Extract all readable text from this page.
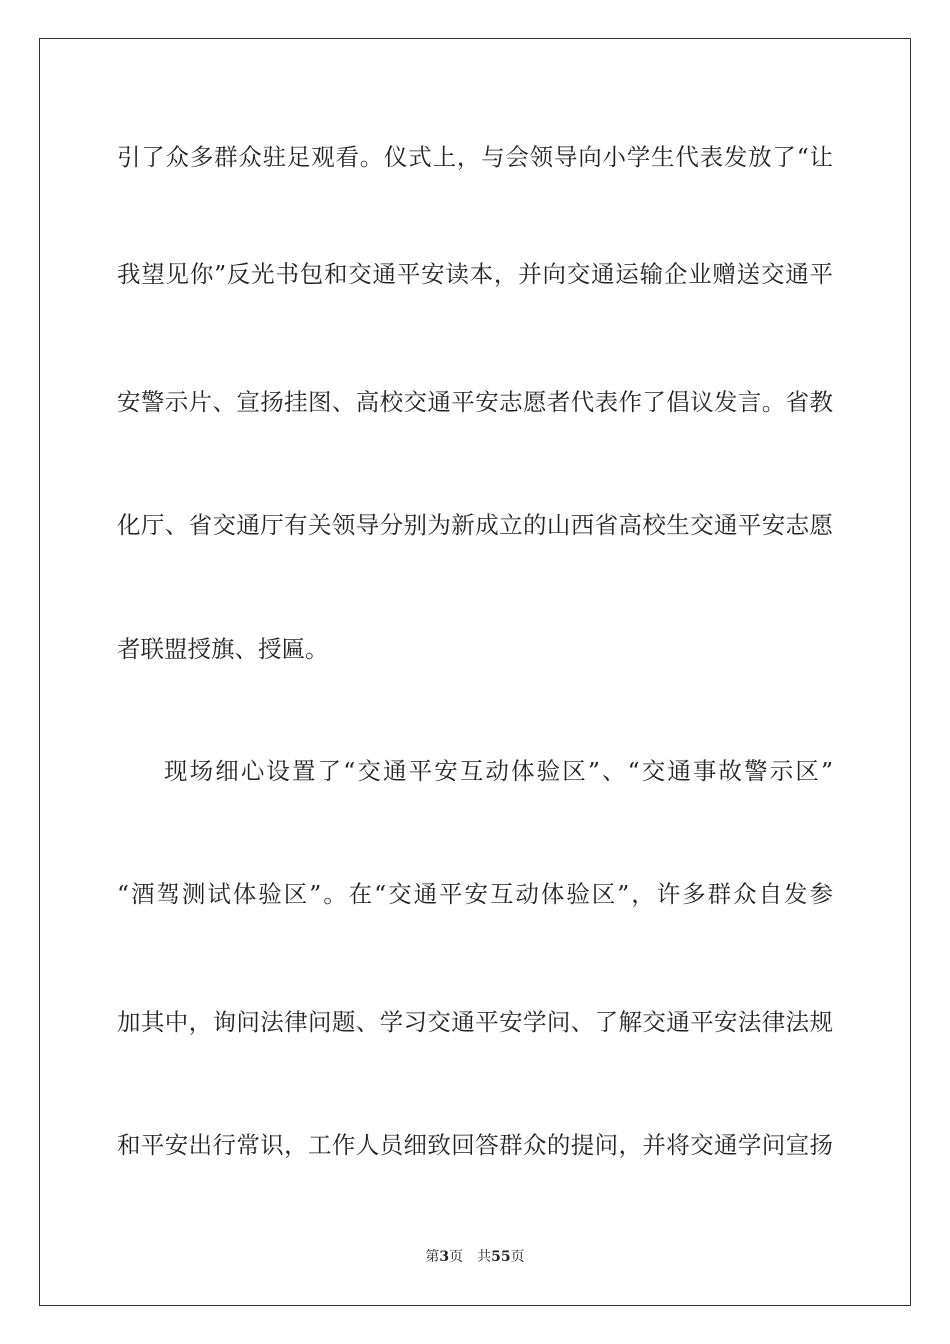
引了众多群众驻足观看。仪式上，与会领导向小学生代表发放了“让
我望见你”反光书包和交通平安读本，并向交通运输企业赠送交通平
安警示片、宣扬挂图、高校交通平安志愿者代表作了倡议发言。省教
化厅、省交通厅有关领导分别为新成立的山西省高校生交通平安志愿
者联盟授旗、授匾。
现场细心设置了“交通平安互动体验区”、“交通事故警示区”
“酒驾测试体验区”。在“交通平安互动体验区”，许多群众自发参
加其中，询问法律问题、学习交通平安学问、了解交通平安法律法规
和平安出行常识，工作人员细致回答群众的提问，并将交通学问宣扬
第3页 共55页
